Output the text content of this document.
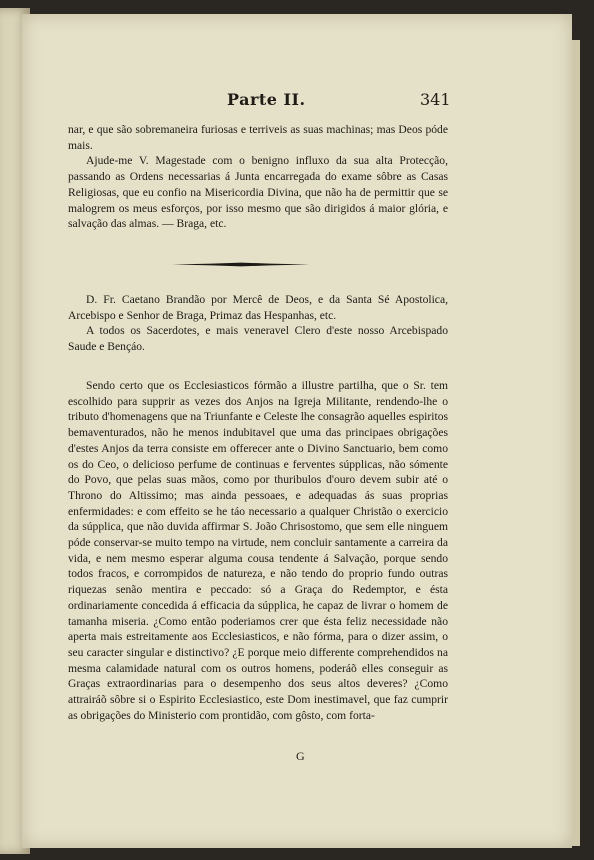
Parte II.	341

nar, e que são sobremaneira furiosas e terriveis as suas machinas; mas Deos póde mais.

Ajude-me V. Magestade com o benigno influxo da sua alta Protecção, passando as Ordens necessarias á Junta encarregada do exame sôbre as Casas Religiosas, que eu confio na Misericordia Divina, que não ha de permittir que se malogrem os meus esforços, por isso mesmo que são dirigidos á maior glória, e salvação das almas. — Braga, etc.

D. Fr. Caetano Brandão por Mercê de Deos, e da Santa Sé Apostolica, Arcebispo e Senhor de Braga, Primaz das Hespanhas, etc.

A todos os Sacerdotes, e mais veneravel Clero d'este nosso Arcebispado Saude e Bençáo.

Sendo certo que os Ecclesiasticos fórmão a illustre partilha, que o Sr. tem escolhido para supprir as vezes dos Anjos na Igreja Militante, rendendo-lhe o tributo d'homenagens que na Triunfante e Celeste lhe consagrão aquelles espiritos bemaventurados, não he menos indubitavel que uma das principaes obrigações d'estes Anjos da terra consiste em offerecer ante o Divino Sanctuario, bem como os do Ceo, o delicioso perfume de continuas e ferventes súpplicas, não sómente do Povo, que pelas suas mãos, como por thuribulos d'ouro devem subir até o Throno do Altissimo; mas ainda pessoaes, e adequadas ás suas proprias enfermidades: e com effeito se he táo necessario a qualquer Christão o exercicio da súpplica, que não duvida affirmar S. João Chrisostomo, que sem elle ninguem póde conservar-se muito tempo na virtude, nem concluir santamente a carreira da vida, e nem mesmo esperar alguma cousa tendente á Salvação, porque sendo todos fracos, e corrompidos de natureza, e não tendo do proprio fundo outras riquezas senão mentira e peccado: só a Graça do Redemptor, e ésta ordinariamente concedida á efficacia da súpplica, he capaz de livrar o homem de tamanha miseria. ¿Como então poderiamos crer que ésta feliz necessidade não aperta mais estreitamente aos Ecclesiasticos, e não fórma, para o dizer assim, o seu caracter singular e distinctivo? ¿E porque meio differente comprehendidos na mesma calamidade natural com os outros homens, poderáõ elles conseguir as Graças extraordinarias para o desempenho dos seus altos deveres? ¿Como attrairáõ sôbre si o Espirito Ecclesiastico, este Dom inestimavel, que faz cumprir as obrigações do Ministerio com prontidão, com gôsto, com forta-

G
